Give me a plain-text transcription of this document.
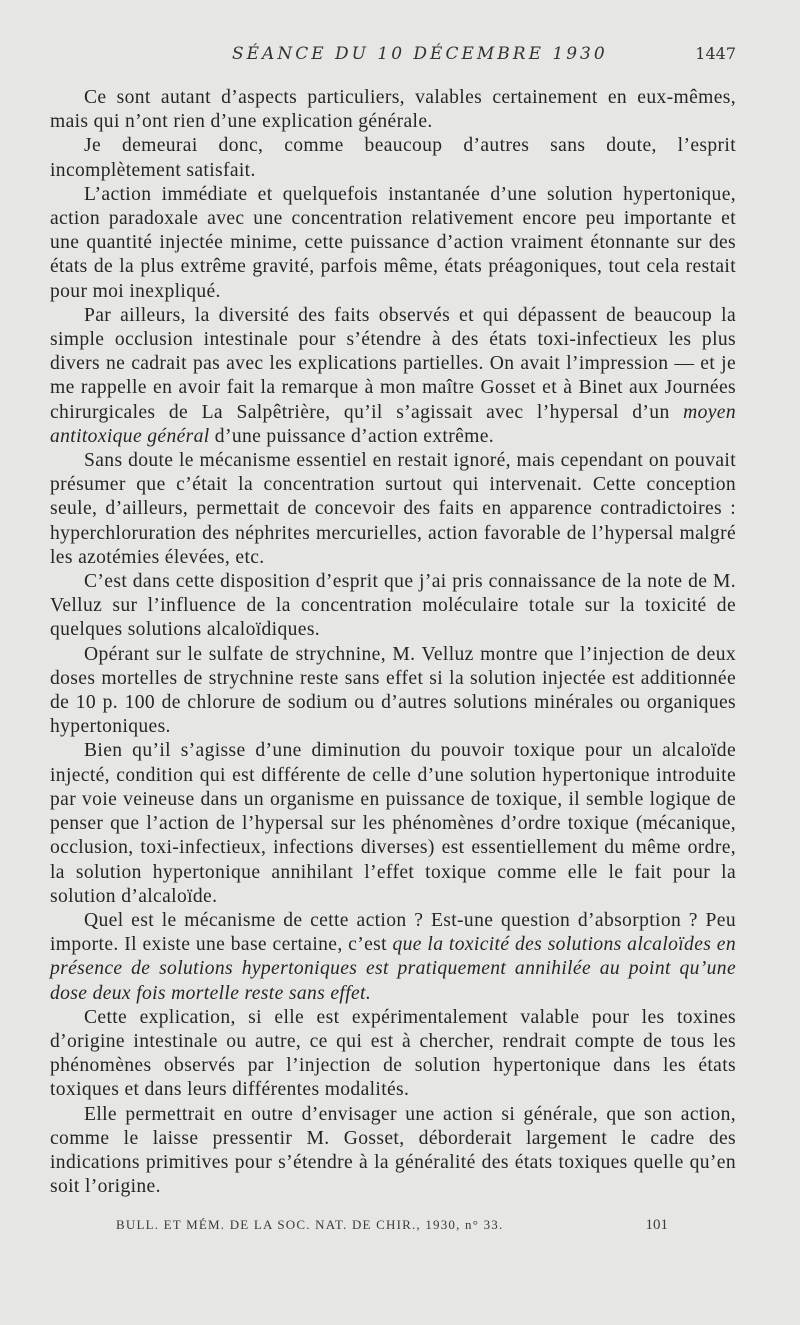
SÉANCE DU 10 DÉCEMBRE 1930	1447

Ce sont autant d’aspects particuliers, valables certainement en eux-mêmes, mais qui n’ont rien d’une explication générale.

Je demeurai donc, comme beaucoup d’autres sans doute, l’esprit incomplètement satisfait.

L’action immédiate et quelquefois instantanée d’une solution hypertonique, action paradoxale avec une concentration relativement encore peu importante et une quantité injectée minime, cette puissance d’action vraiment étonnante sur des états de la plus extrême gravité, parfois même, états préagoniques, tout cela restait pour moi inexpliqué.

Par ailleurs, la diversité des faits observés et qui dépassent de beaucoup la simple occlusion intestinale pour s’étendre à des états toxi-infectieux les plus divers ne cadrait pas avec les explications partielles. On avait l’impression — et je me rappelle en avoir fait la remarque à mon maître Gosset et à Binet aux Journées chirurgicales de La Salpêtrière, qu’il s’agissait avec l’hypersal d’un moyen antitoxique général d’une puissance d’action extrême.

Sans doute le mécanisme essentiel en restait ignoré, mais cependant on pouvait présumer que c’était la concentration surtout qui intervenait. Cette conception seule, d’ailleurs, permettait de concevoir des faits en apparence contradictoires : hyperchloruration des néphrites mercurielles, action favorable de l’hypersal malgré les azotémies élevées, etc.

C’est dans cette disposition d’esprit que j’ai pris connaissance de la note de M. Velluz sur l’influence de la concentration moléculaire totale sur la toxicité de quelques solutions alcaloïdiques.

Opérant sur le sulfate de strychnine, M. Velluz montre que l’injection de deux doses mortelles de strychnine reste sans effet si la solution injectée est additionnée de 10 p. 100 de chlorure de sodium ou d’autres solutions minérales ou organiques hypertoniques.

Bien qu’il s’agisse d’une diminution du pouvoir toxique pour un alcaloïde injecté, condition qui est différente de celle d’une solution hypertonique introduite par voie veineuse dans un organisme en puissance de toxique, il semble logique de penser que l’action de l’hypersal sur les phénomènes d’ordre toxique (mécanique, occlusion, toxi-infectieux, infections diverses) est essentiellement du même ordre, la solution hypertonique annihilant l’effet toxique comme elle le fait pour la solution d’alcaloïde.

Quel est le mécanisme de cette action ? Est-une question d’absorption ? Peu importe. Il existe une base certaine, c’est que la toxicité des solutions alcaloïdes en présence de solutions hypertoniques est pratiquement annihilée au point qu’une dose deux fois mortelle reste sans effet.

Cette explication, si elle est expérimentalement valable pour les toxines d’origine intestinale ou autre, ce qui est à chercher, rendrait compte de tous les phénomènes observés par l’injection de solution hypertonique dans les états toxiques et dans leurs différentes modalités.

Elle permettrait en outre d’envisager une action si générale, que son action, comme le laisse pressentir M. Gosset, déborderait largement le cadre des indications primitives pour s’étendre à la généralité des états toxiques quelle qu’en soit l’origine.

BULL. ET MÉM. DE LA SOC. NAT. DE CHIR., 1930, n° 33.	101
